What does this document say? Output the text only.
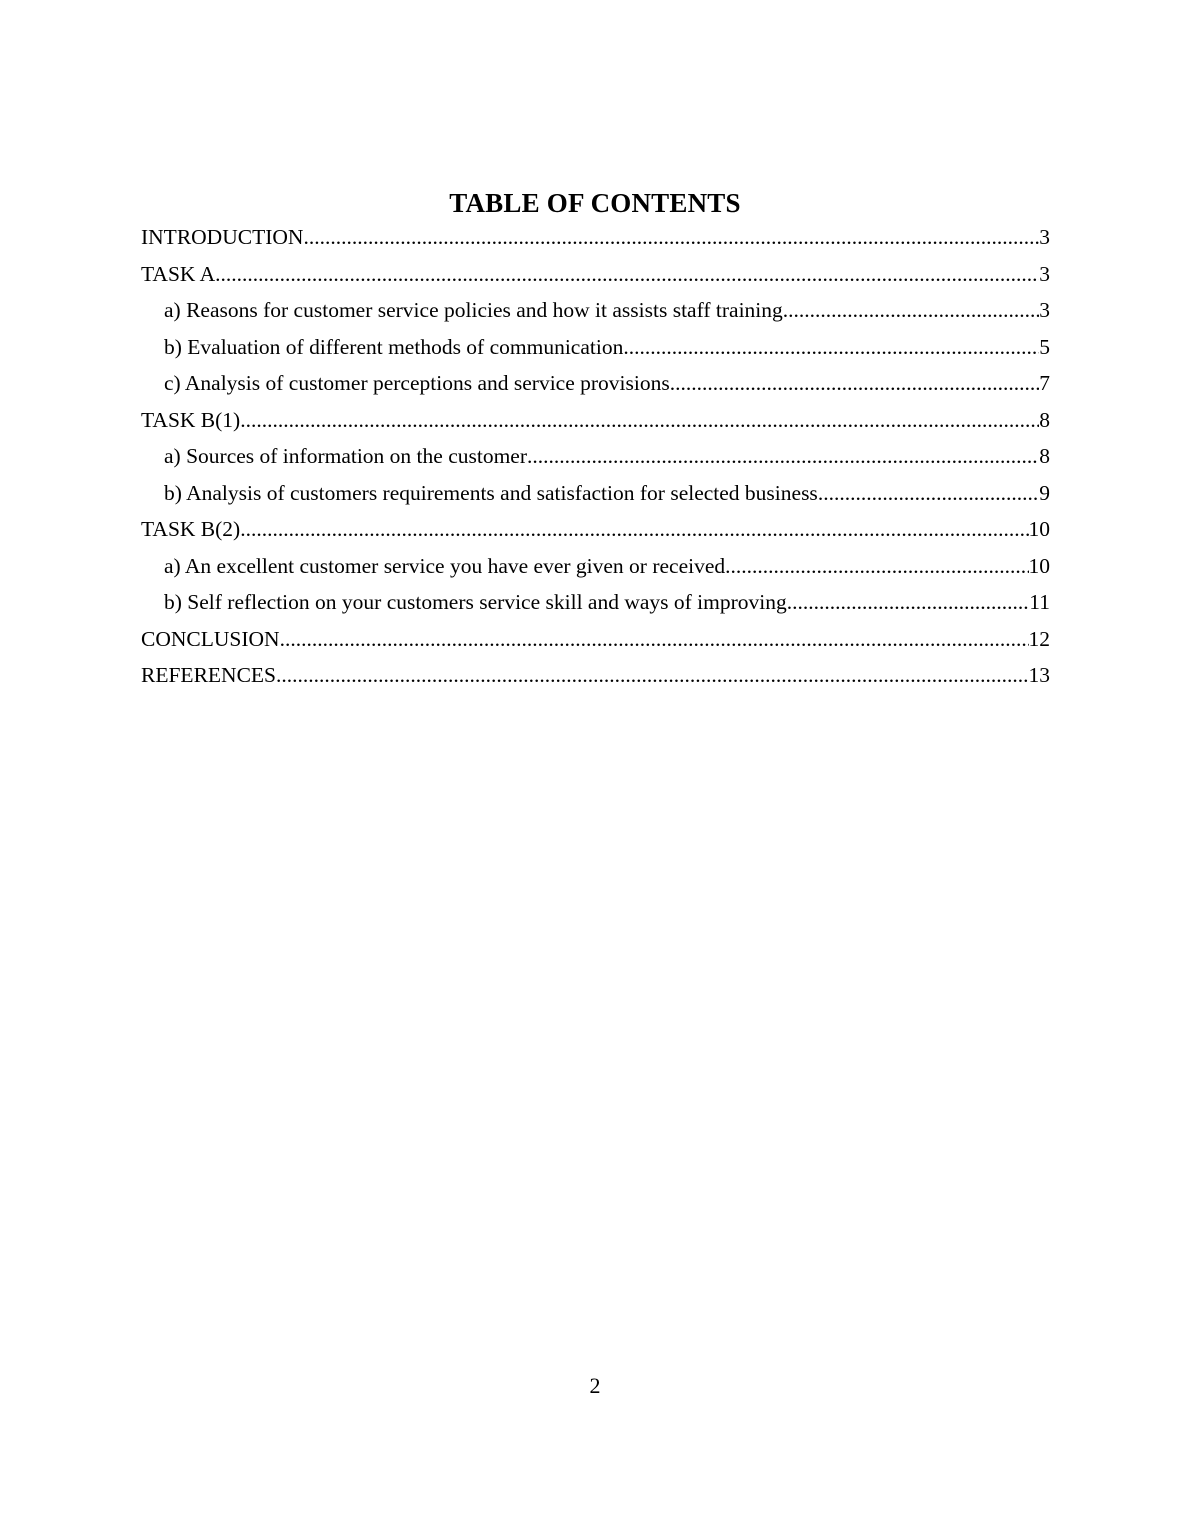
TABLE OF CONTENTS
INTRODUCTION .....	3
TASK A .....	3
a) Reasons for customer service policies and how it assists staff training .....	3
b) Evaluation of different methods of communication .....	5
c) Analysis of customer perceptions and service provisions .....	7
TASK B(1) .....	8
a) Sources of information on the customer .....	8
b) Analysis of customers requirements and satisfaction for selected business .....	9
TASK B(2) .....	10
a) An excellent customer service you have ever given or received .....	10
b) Self reflection on your customers service skill and ways of improving .....	11
CONCLUSION .....	12
REFERENCES .....	13
2
